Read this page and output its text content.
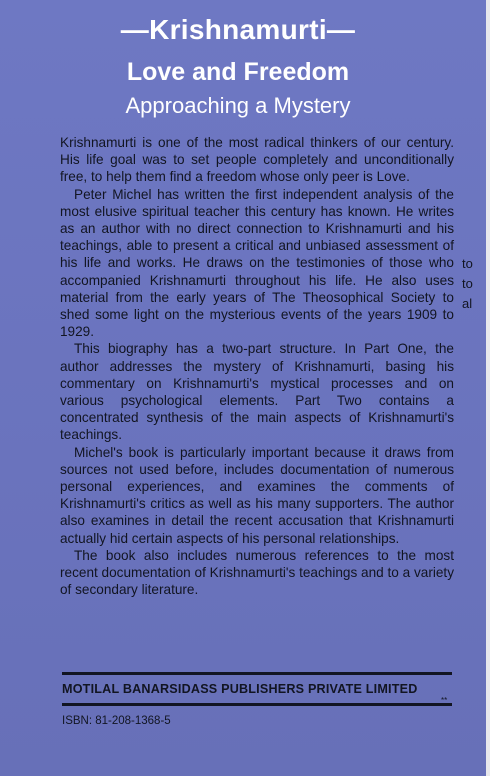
—Krishnamurti—
Love and Freedom
Approaching a Mystery

Krishnamurti is one of the most radical thinkers of our century. His life goal was to set people completely and unconditionally free, to help them find a freedom whose only peer is Love.

Peter Michel has written the first independent analysis of the most elusive spiritual teacher this century has known. He writes as an author with no direct connection to Krishnamurti and his teachings, able to present a critical and unbiased assessment of his life and works. He draws on the testimonies of those who accompanied Krishnamurti throughout his life. He also uses material from the early years of The Theosophical Society to shed some light on the mysterious events of the years 1909 to 1929.

This biography has a two-part structure. In Part One, the author addresses the mystery of Krishnamurti, basing his commentary on Krishnamurti's mystical processes and on various psychological elements. Part Two contains a concentrated synthesis of the main aspects of Krishnamurti's teachings.

Michel's book is particularly important because it draws from sources not used before, includes documentation of numerous personal experiences, and examines the comments of Krishnamurti's critics as well as his many supporters. The author also examines in detail the recent accusation that Krishnamurti actually hid certain aspects of his personal relationships.

The book also includes numerous references to the most recent documentation of Krishnamurti's teachings and to a variety of secondary literature.

to
to
al
MOTILAL BANARSIDASS PUBLISHERS PRIVATE LIMITED
**
ISBN: 81-208-1368-5
